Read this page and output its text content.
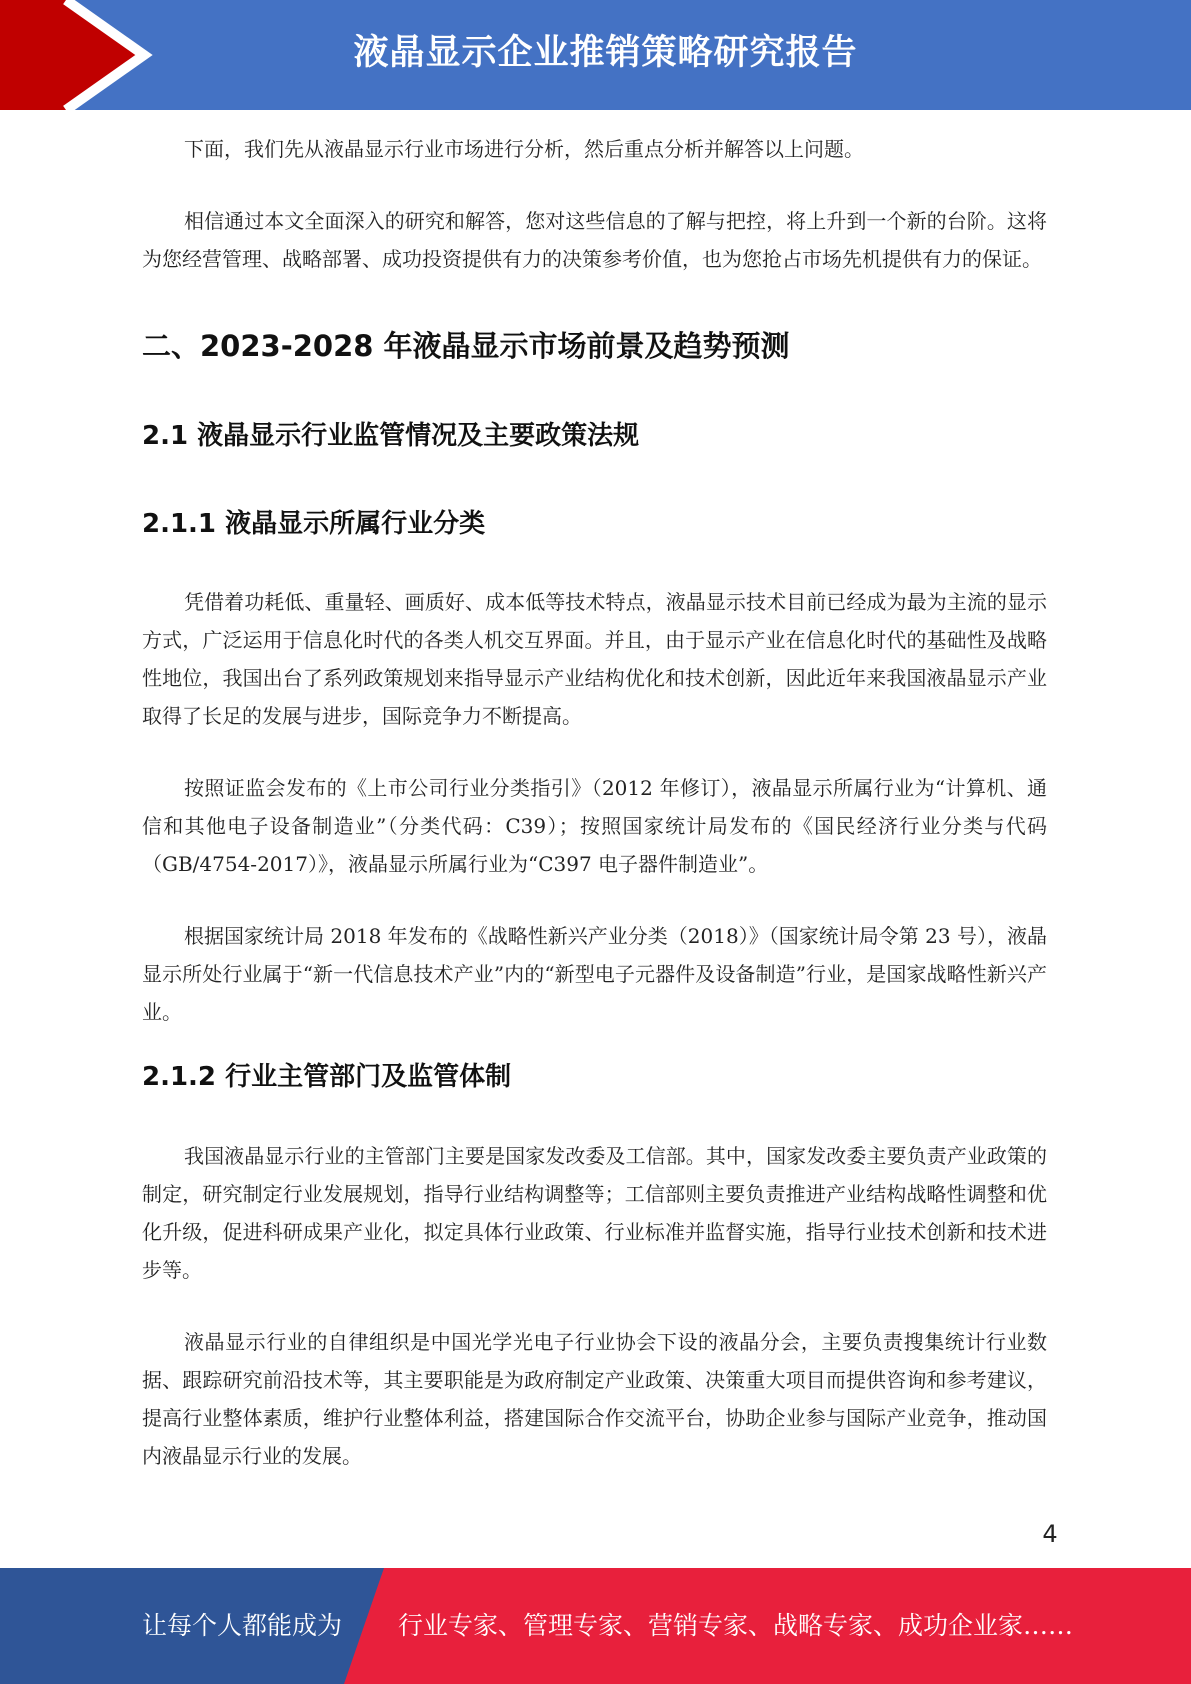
液晶显示企业推销策略研究报告

下面，我们先从液晶显示行业市场进行分析，然后重点分析并解答以上问题。

相信通过本文全面深入的研究和解答，您对这些信息的了解与把控，将上升到一个新的台阶。这将为您经营管理、战略部署、成功投资提供有力的决策参考价值，也为您抢占市场先机提供有力的保证。

二、2023-2028 年液晶显示市场前景及趋势预测
2.1 液晶显示行业监管情况及主要政策法规
2.1.1 液晶显示所属行业分类

凭借着功耗低、重量轻、画质好、成本低等技术特点，液晶显示技术目前已经成为最为主流的显示方式，广泛运用于信息化时代的各类人机交互界面。并且，由于显示产业在信息化时代的基础性及战略性地位，我国出台了系列政策规划来指导显示产业结构优化和技术创新，因此近年来我国液晶显示产业取得了长足的发展与进步，国际竞争力不断提高。

按照证监会发布的《上市公司行业分类指引》（2012 年修订），液晶显示所属行业为“计算机、通信和其他电子设备制造业”（分类代码：C39）；按照国家统计局发布的《国民经济行业分类与代码（GB/4754-2017）》，液晶显示所属行业为“C397 电子器件制造业”。

根据国家统计局 2018 年发布的《战略性新兴产业分类（2018）》（国家统计局令第 23 号），液晶显示所处行业属于“新一代信息技术产业”内的“新型电子元器件及设备制造”行业，是国家战略性新兴产业。

2.1.2 行业主管部门及监管体制

我国液晶显示行业的主管部门主要是国家发改委及工信部。其中，国家发改委主要负责产业政策的制定，研究制定行业发展规划，指导行业结构调整等；工信部则主要负责推进产业结构战略性调整和优化升级，促进科研成果产业化，拟定具体行业政策、行业标准并监督实施，指导行业技术创新和技术进步等。

液晶显示行业的自律组织是中国光学光电子行业协会下设的液晶分会，主要负责搜集统计行业数据、跟踪研究前沿技术等，其主要职能是为政府制定产业政策、决策重大项目而提供咨询和参考建议，提高行业整体素质，维护行业整体利益，搭建国际合作交流平台，协助企业参与国际产业竞争，推动国内液晶显示行业的发展。

4
让每个人都能成为 行业专家、管理专家、营销专家、战略专家、成功企业家……
